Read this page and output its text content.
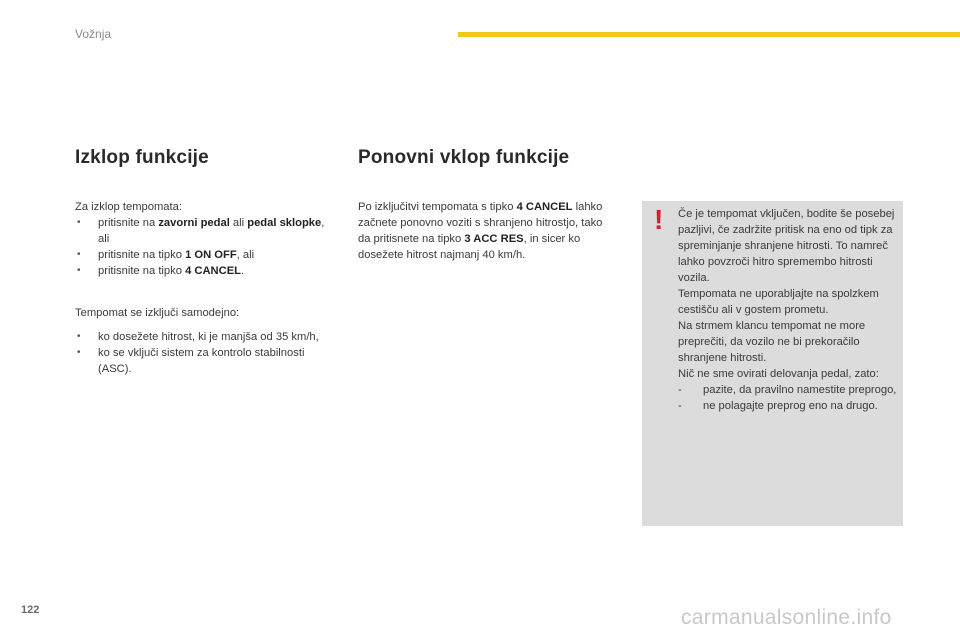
Vožnja
Izklop funkcije

Za izklop tempomata:

• pritisnite na zavorni pedal ali pedal sklopke, ali

• pritisnite na tipko 1 ON OFF, ali

• pritisnite na tipko 4 CANCEL.

Tempomat se izključi samodejno:

• ko dosežete hitrost, ki je manjša od 35 km/h,

• ko se vključi sistem za kontrolo stabilnosti (ASC).

Ponovni vklop funkcije
Po izključitvi tempomata s tipko 4 CANCEL lahko začnete ponovno voziti s shranjeno hitrostjo, tako da pritisnete na tipko 3 ACC RES, in sicer ko dosežete hitrost najmanj 40 km/h.
! Če je tempomat vključen, bodite še posebej pazljivi, če zadržite pritisk na eno od tipk za spreminjanje shranjene hitrosti. To namreč lahko povzroči hitro spremembo hitrosti vozila.

Tempomata ne uporabljajte na spolzkem cestišču ali v gostem prometu.

Na strmem klancu tempomat ne more preprečiti, da vozilo ne bi prekoračilo shranjene hitrosti.

Nič ne sme ovirati delovanja pedal, zato:

- pazite, da pravilno namestite preprogo,

- ne polagajte preprog eno na drugo.

122	carmanualsonline.info
